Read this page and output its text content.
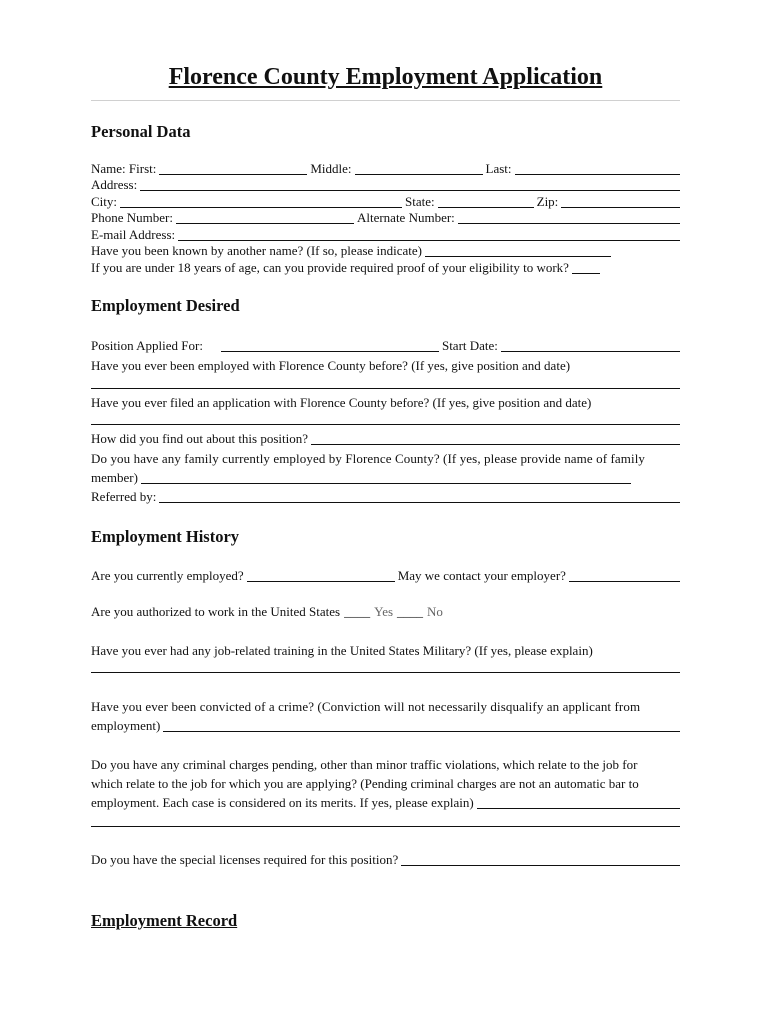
Florence County Employment Application
Personal Data
Name: First:	Middle:	Last:
Address:
City:	State:	Zip:
Phone Number:	Alternate Number:
E-mail Address:
Have you been known by another name? (If so, please indicate)
If you are under 18 years of age, can you provide required proof of your eligibility to work?
Employment Desired
Position Applied For:	Start Date:
Have you ever been employed with Florence County before? (If yes, give position and date)
Have you ever filed an application with Florence County before? (If yes, give position and date)
How did you find out about this position?
Do you have any family currently employed by Florence County? (If yes, please provide name of family
member)
Referred by:
Employment History
Are you currently employed?	May we contact your employer?
Are you authorized to work in the United States ____ Yes ____ No
Have you ever had any job-related training in the United States Military? (If yes, please explain)
Have you ever been convicted of a crime? (Conviction will not necessarily disqualify an applicant from
employment)
Do you have any criminal charges pending, other than minor traffic violations, which relate to the job for
which relate to the job for which you are applying? (Pending criminal charges are not an automatic bar to
employment. Each case is considered on its merits. If yes, please explain)
Do you have the special licenses required for this position?
Employment Record
